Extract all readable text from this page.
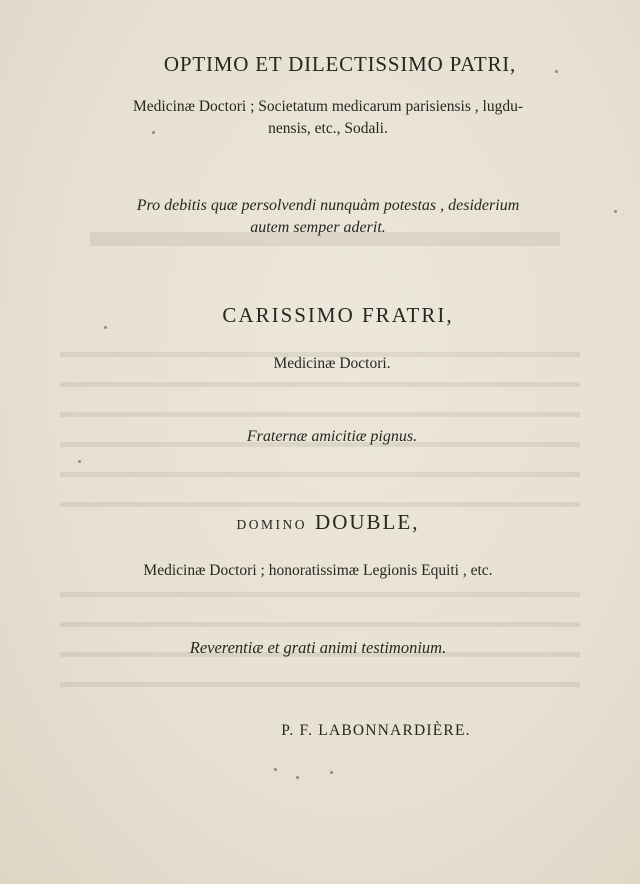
OPTIMO ET DILECTISSIMO PATRI,
Medicinæ Doctori ; Societatum medicarum parisiensis , lugdu-
nensis, etc., Sodali.
Pro debitis quæ persolvendi nunquàm potestas , desiderium
autem semper aderit.
CARISSIMO FRATRI,
Medicinæ Doctori.
Fraternæ amicitiæ pignus.
DOMINO DOUBLE,
Medicinæ Doctori ; honoratissimæ Legionis Equiti , etc.
Reverentiæ et grati animi testimonium.
P. F. LABONNARDIÈRE.
